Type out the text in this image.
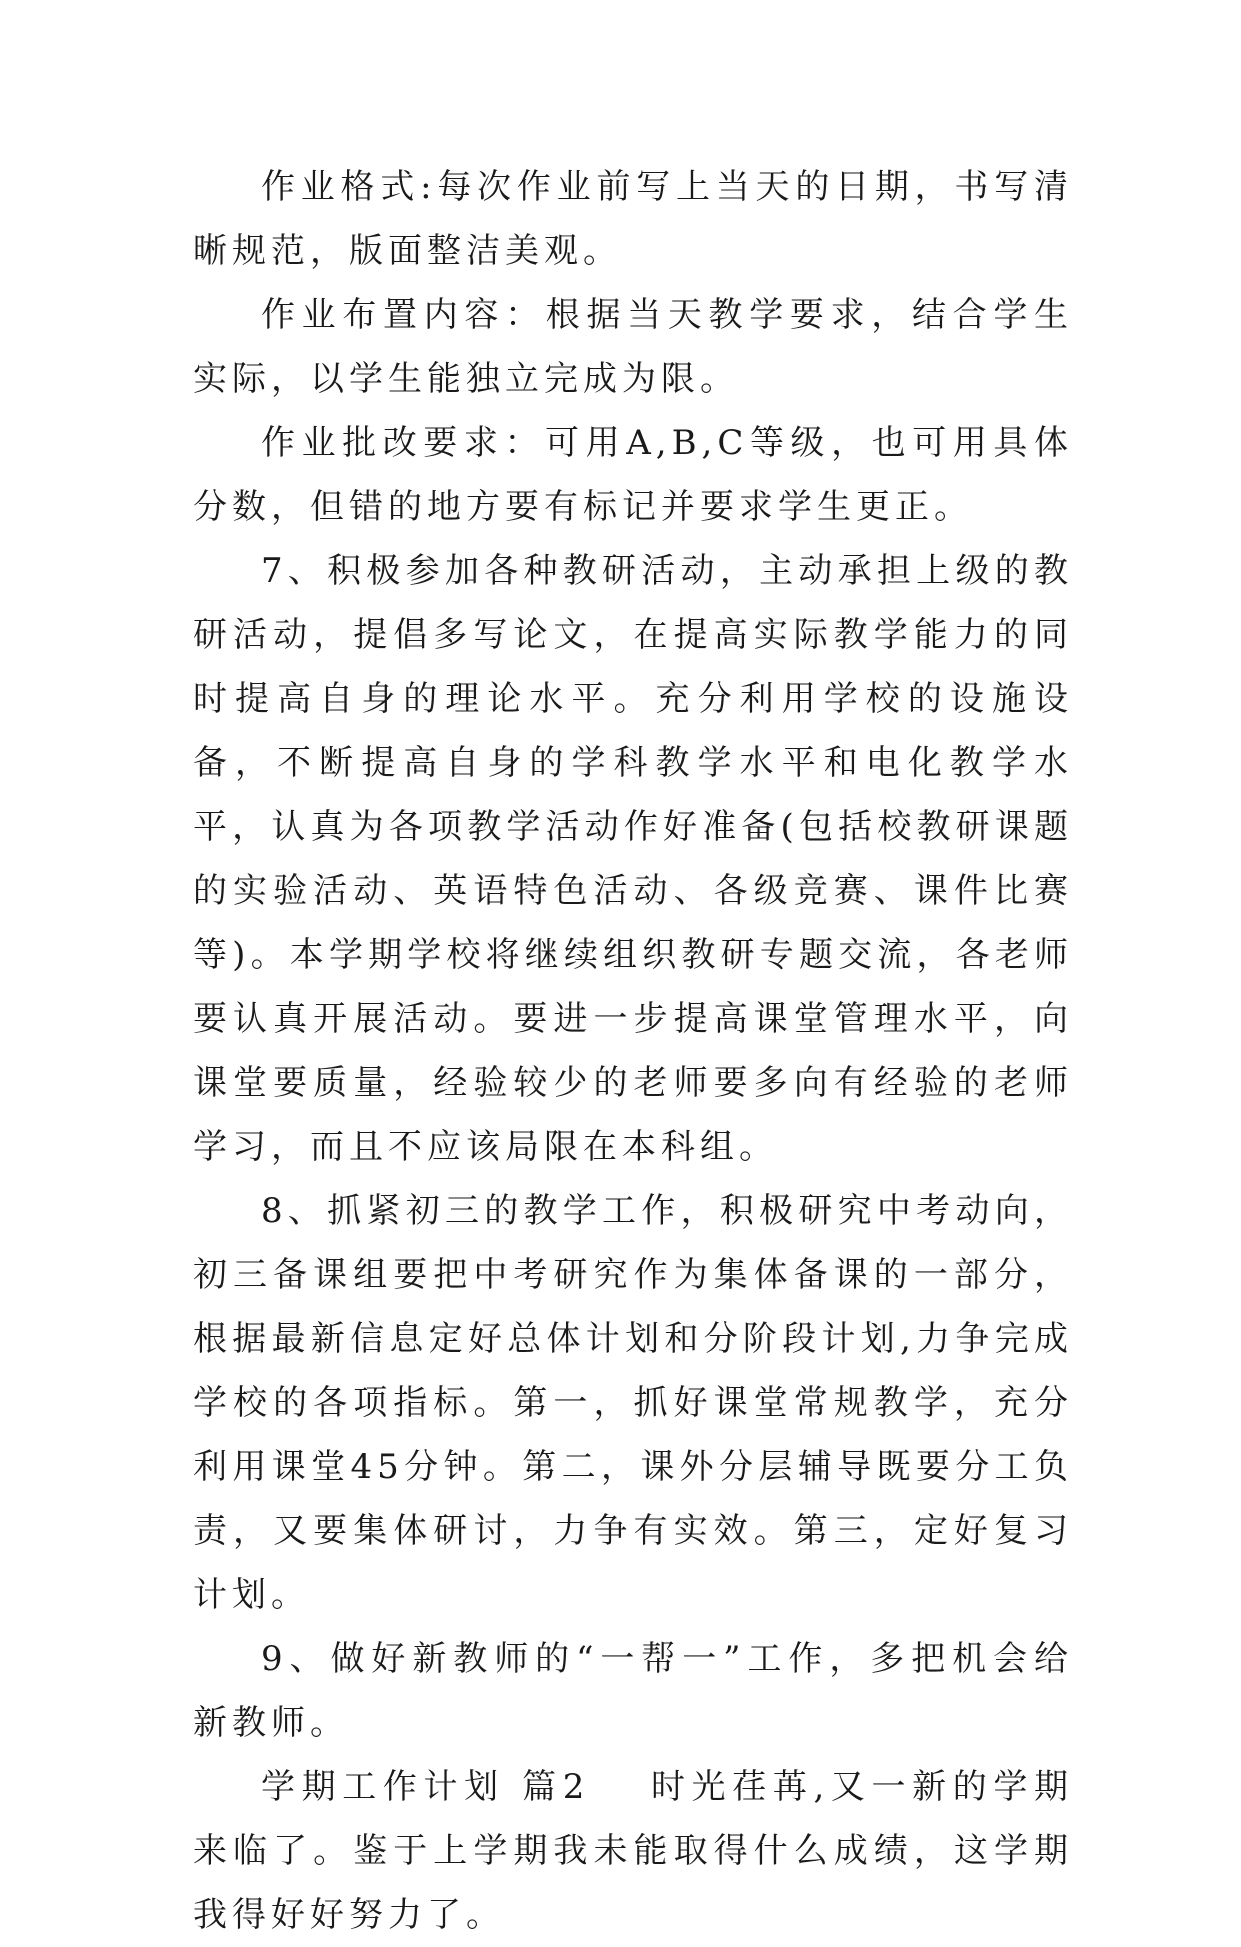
作业格式:每次作业前写上当天的日期，书写清晰规范，版面整洁美观。

作业布置内容：根据当天教学要求，结合学生实际，以学生能独立完成为限。

作业批改要求：可用A,B,C等级，也可用具体分数，但错的地方要有标记并要求学生更正。

7、积极参加各种教研活动，主动承担上级的教研活动，提倡多写论文，在提高实际教学能力的同时提高自身的理论水平。充分利用学校的设施设备，不断提高自身的学科教学水平和电化教学水平，认真为各项教学活动作好准备(包括校教研课题的实验活动、英语特色活动、各级竞赛、课件比赛等)。本学期学校将继续组织教研专题交流，各老师要认真开展活动。要进一步提高课堂管理水平，向课堂要质量，经验较少的老师要多向有经验的老师学习，而且不应该局限在本科组。

8、抓紧初三的教学工作，积极研究中考动向，初三备课组要把中考研究作为集体备课的一部分，根据最新信息定好总体计划和分阶段计划,力争完成学校的各项指标。第一，抓好课堂常规教学，充分利用课堂45分钟。第二，课外分层辅导既要分工负责，又要集体研讨，力争有实效。第三，定好复习计划。

9、做好新教师的“一帮一”工作，多把机会给新教师。

学期工作计划 篇2 时光荏苒,又一新的学期来临了。鉴于上学期我未能取得什么成绩，这学期我得好好努力了。
